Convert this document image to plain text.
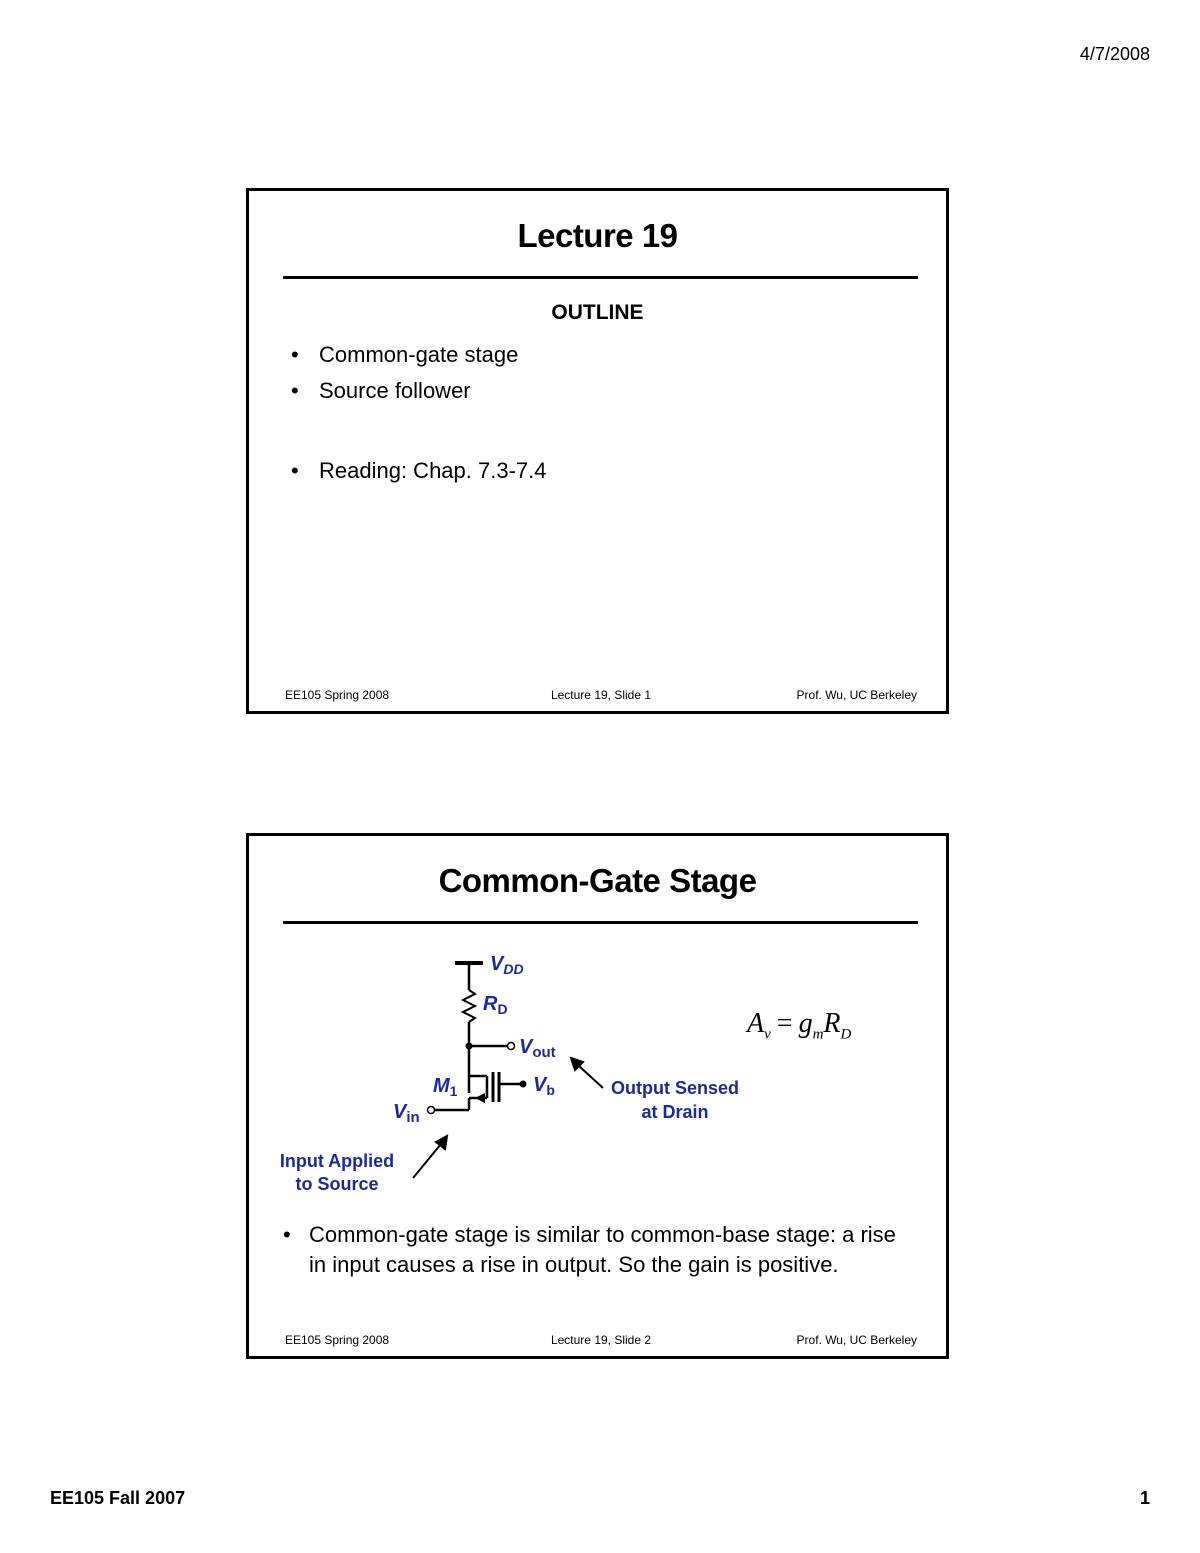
4/7/2008
Lecture 19
OUTLINE
• Common-gate stage
• Source follower
• Reading: Chap. 7.3-7.4
EE105 Spring 2008	Lecture 19, Slide 1	Prof. Wu, UC Berkeley
Common-Gate Stage
$V_{DD}$
$R_D$
$V_{out}$
$M_1$	$V_b$
$V_{in}$
Output Sensed
at Drain
Input Applied
to Source
$A_v = g_mR_D$
• Common-gate stage is similar to common-base stage: a rise in input causes a rise in output. So the gain is positive.
EE105 Spring 2008	Lecture 19, Slide 2	Prof. Wu, UC Berkeley
EE105 Fall 2007	1
